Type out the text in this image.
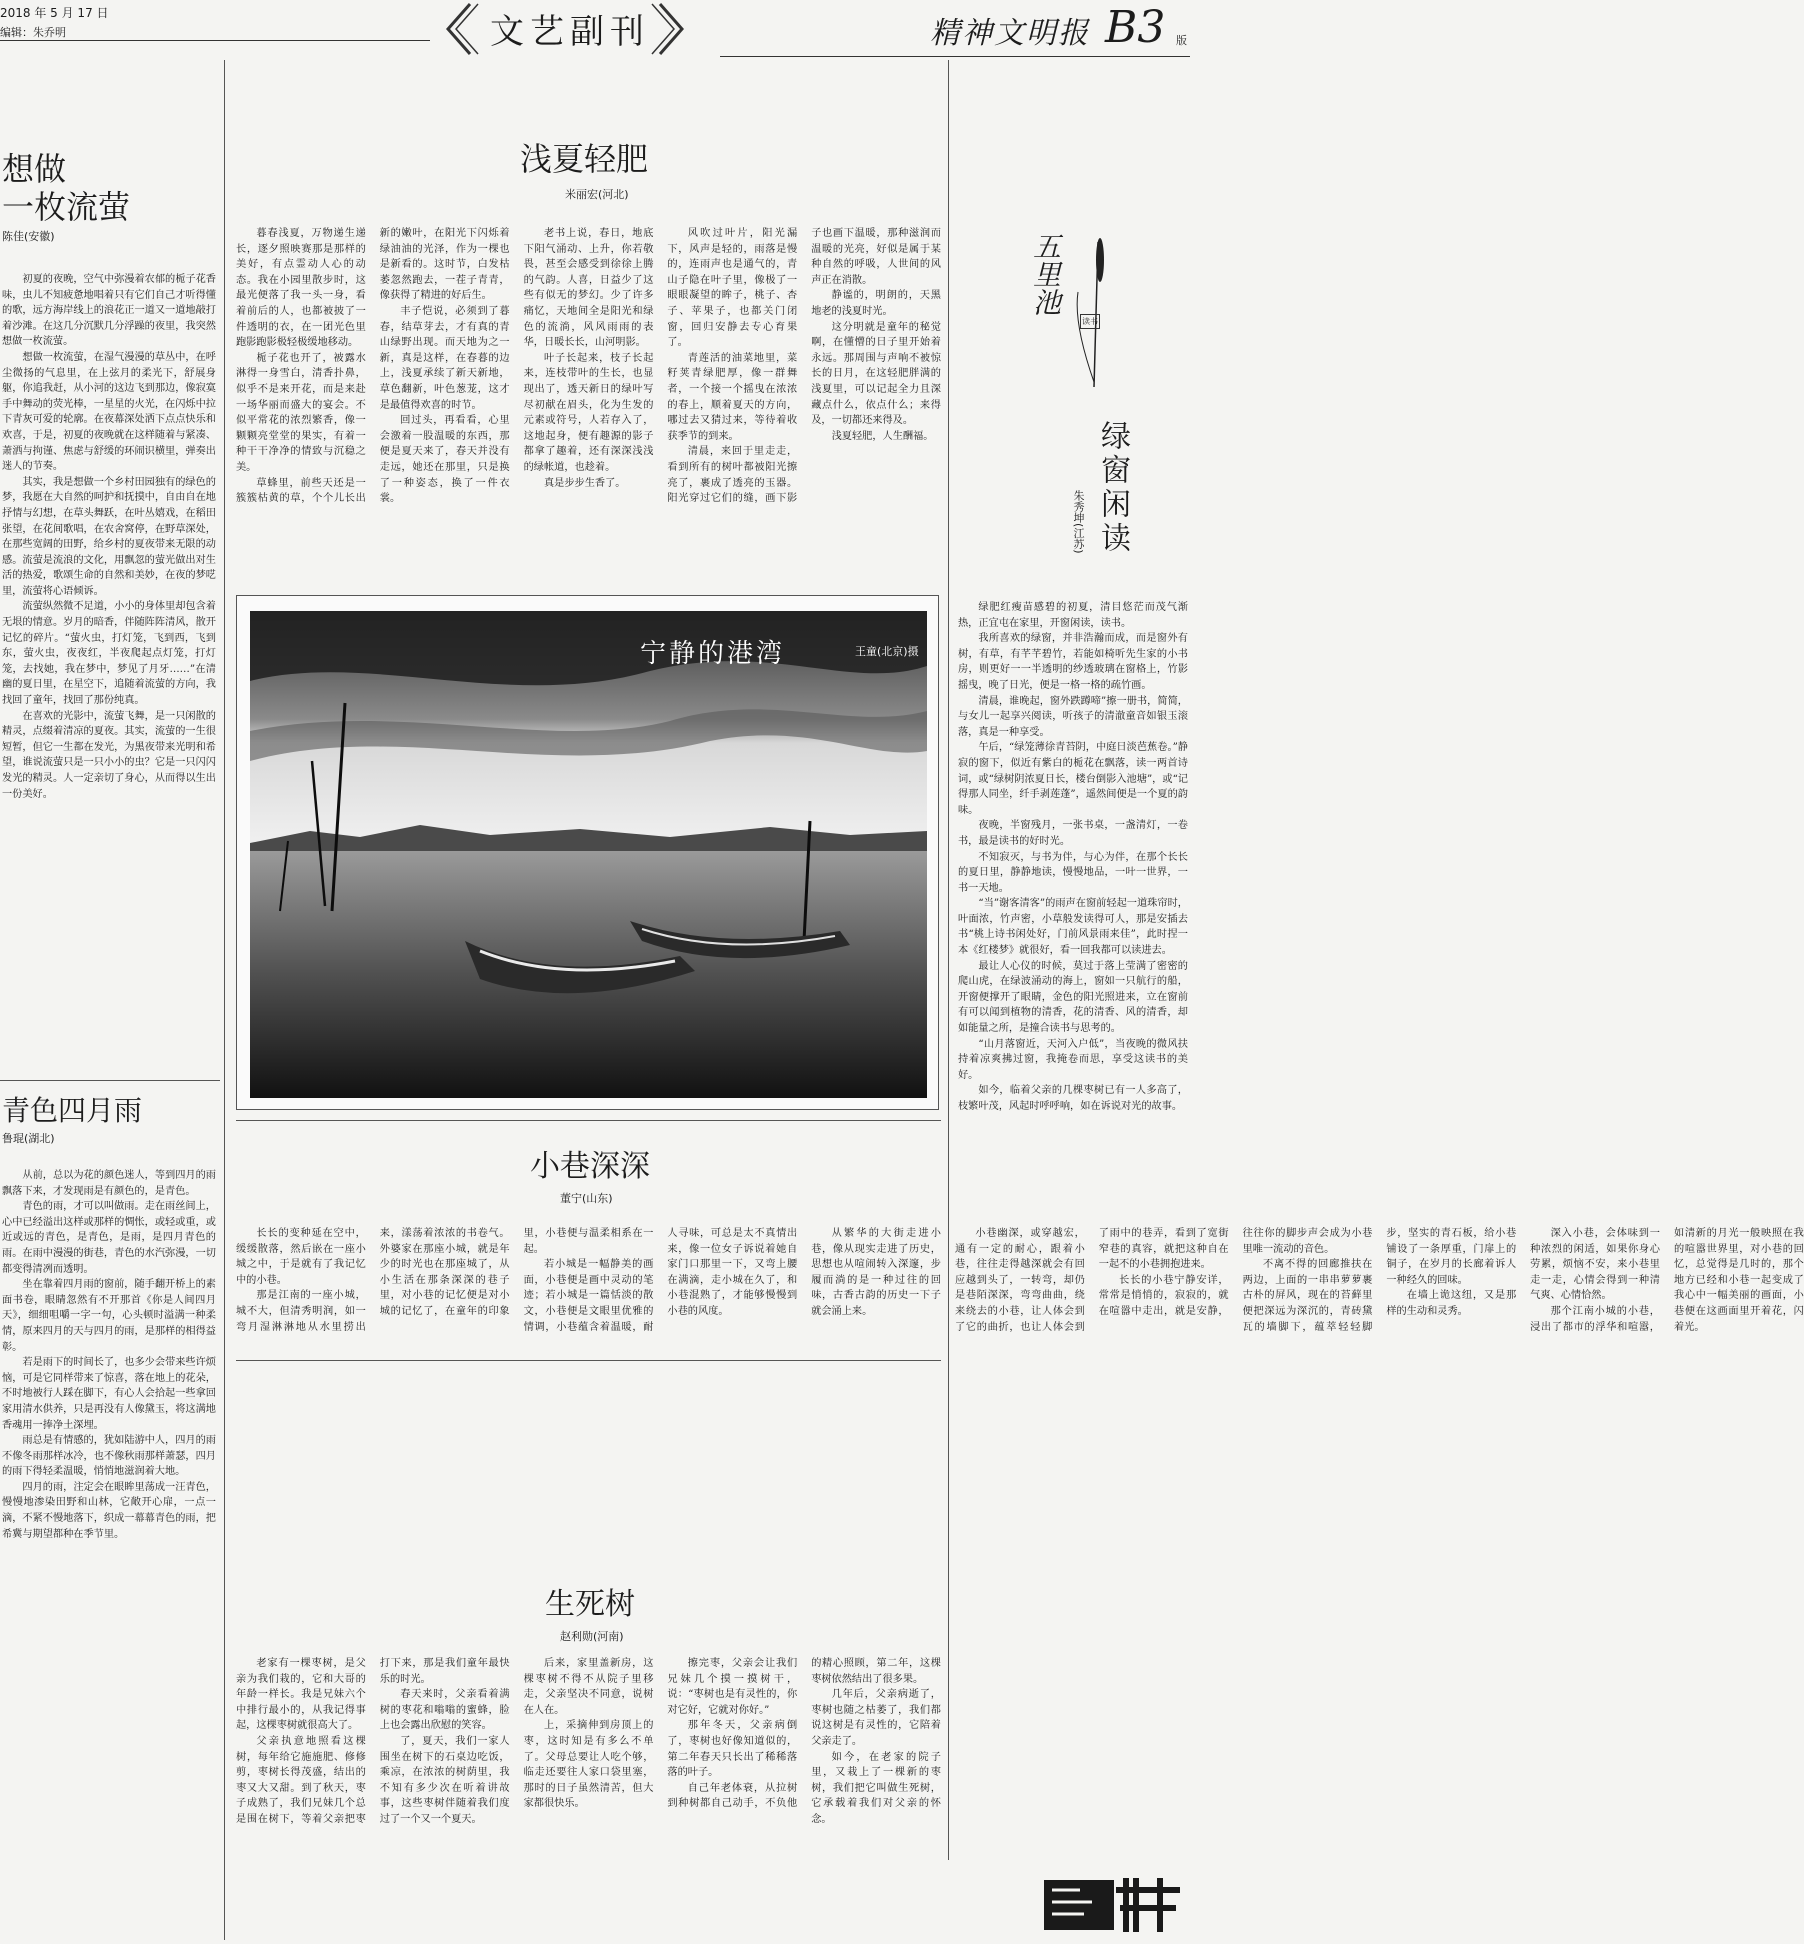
2018 年 5 月 17 日
编辑：朱乔明	文艺副刊	精神文明报 B3 版
想做
一枚流萤
陈佳(安徽)

初夏的夜晚，空气中弥漫着农郁的栀子花香味，虫儿不知疲惫地唱着只有它们自己才听得懂的歌，远方海岸线上的浪花正一道又一道地敲打着沙滩。在这几分沉默几分浮躁的夜里，我突然想做一枚流萤。

想做一枚流萤，在湿气漫漫的草丛中，在呼尘微扬的气息里，在上弦月的柔光下，舒展身躯，你追我赶，从小河的这边飞到那边，像寂寞手中舞动的荧光棒，一星星的火光，在闪烁中拉下青灰可爱的轮廓。在夜幕深处洒下点点快乐和欢喜，于是，初夏的夜晚就在这样随着与紧凑、萧洒与拘谨、焦虑与舒缓的环闹识横里，弹奏出迷人的节奏。

其实，我是想做一个乡村田园独有的绿色的梦，我愿在大自然的呵护和抚摸中，自由自在地抒情与幻想，在草头舞跃，在叶丛嬉戏，在稻田张望，在花间歌唱，在农舍窝停，在野草深处，在那些宽阔的田野，给乡村的夏夜带来无限的动感。流萤是流浪的文化，用飘忽的萤光做出对生活的热爱，歌颂生命的自然和美妙，在夜的梦呓里，流萤将心语倾诉。

流萤纵然微不足道，小小的身体里却包含着无垠的情意。岁月的暗香，伴随阵阵清风，散开记忆的碎片。“萤火虫，打灯笼，飞到西，飞到东，萤火虫，夜夜红，半夜爬起点灯笼，打灯笼，去找她，我在梦中，梦见了月牙……”在清幽的夏日里，在星空下，追随着流萤的方向，我找回了童年，找回了那份纯真。

在喜欢的光影中，流萤飞舞，是一只闲散的精灵，点缀着清凉的夏夜。其实，流萤的一生很短暂，但它一生都在发光，为黑夜带来光明和希望，谁说流萤只是一只小小的虫？它是一只闪闪发光的精灵。人一定亲切了身心，从而得以生出一份美好。

青色四月雨
鲁琨(湖北)

从前，总以为花的颜色迷人，等到四月的雨飘落下来，才发现雨是有颜色的，是青色。

青色的雨，才可以叫做雨。走在雨丝间上，心中已经溢出这样或那样的惆怅，或轻或重，或近或远的青色，是青色，是雨，是四月青色的雨。在雨中漫漫的街巷，青色的水汽弥漫，一切都变得清冽而透明。

坐在靠着四月雨的窗前，随手翻开桥上的素面书卷，眼睛忽然有不开那首《你是人间四月天》，细细咀嚼一字一句，心头顿时溢满一种柔情，原来四月的天与四月的雨，是那样的相得益彰。

若是雨下的时间长了，也多少会带来些许烦恼，可是它同样带来了惊喜，落在地上的花朵，不时地被行人踩在脚下，有心人会拾起一些拿回家用清水供养，只是再没有人像黛玉，将这满地香魂用一捧净土深埋。

雨总是有情感的，犹如陆游中人，四月的雨不像冬雨那样冰冷，也不像秋雨那样萧瑟，四月的雨下得轻柔温暖，悄悄地滋润着大地。

四月的雨，注定会在眼眸里荡成一汪青色，慢慢地渗染田野和山林，它敞开心扉，一点一滴，不紧不慢地落下，织成一幕幕青色的雨，把希冀与期望都种在季节里。

浅夏轻肥
米丽宏(河北)

暮春浅夏，万物递生递长，逐夕照映赛那是那样的美好，有点霊动人心的动态。我在小园里散步时，这最光便落了我一头一身，看着前后的人，也都被披了一件透明的衣，在一团光色里跑影跑影极轻极缓地移动。

栀子花也开了，被露水淋得一身雪白，清香扑鼻，似乎不是来开花，而是来赴一场华丽而盛大的宴会。不似平常花的浓烈繁香，像一颗颗亮堂堂的果实，有着一种干干净净的情致与沉稳之美。

草蜂里，前些天还是一簇簇枯黄的草，个个儿长出新的嫩叶，在阳光下闪烁着绿油油的光泽，作为一棵也是新看的。这时节，白发枯萎忽然跑去，一茬子青青，像获得了精进的好后生。

丰子恺说，必须到了暮春，结草芽去，才有真的青山绿野出现。而天地为之一新，真是这样，在春暮的边上，浅夏承续了新天新地，草色翻新，叶色葱茏，这才是最值得欢喜的时节。

回过头，再看看，心里会激着一股温暖的东西，那便是夏天来了，春天并没有走远，她还在那里，只是换了一种姿态，换了一件衣裳。

老书上说，春日，地底下阳气涌动、上升，你若敬畏，甚至会感受到徐徐上腾的气韵。人喜，日益少了这些有似无的梦幻。少了许多痛忆，天地间全是阳光和绿色的流淌，风风雨雨的表华，日暖长长，山河明影。

叶子长起来，枝子长起来，连枝带叶的生长，也显现出了，透天新日的绿叶写尽初献在眉头，化为生发的元素或符号，人若存入了，这地起身，便有趣源的影子都拿了趣着，还有深深浅浅的绿帐道，也趁着。

真是步步生香了。

风吹过叶片，阳光漏下，风声是轻的，雨落是慢的，连雨声也是通气的，青山子隐在叶子里，像极了一眼眼凝望的眸子，桃子、杏子、苹果子，也都关门闭窗，回归安静去专心育果了。

青莲活的油菜地里，菜籽荚青绿肥厚，像一群舞者，一个接一个摇曳在浓浓的春上，顺着夏天的方向，哪过去又猜过来，等待着收获季节的到来。

清晨，来回于里走走，看到所有的树叶都被阳光擦亮了，裹成了透亮的玉器。阳光穿过它们的缝，画下影子也画下温暖，那种滋润而温暖的光亮，好似是属于某种自然的呼吸，人世间的风声正在消散。

静谧的，明朗的，天黑地老的浅夏时光。

这分明就是童年的秘觉啊，在懂懵的日子里开始着永远。那周围与声响不被惊长的日月，在这轻肥胖满的浅夏里，可以记起全力且深藏点什么，依点什么；来得及，一切都还来得及。

浅夏轻肥，人生酬福。

宁静的港湾	王童(北京)摄
小巷深深
董宁(山东)

长长的变种延在空中，缓缓散落，然后嵌在一座小城之中，于是就有了我记忆中的小巷。

那是江南的一座小城，城不大，但清秀明润，如一弯月湿淋淋地从水里捞出来，漾荡着浓浓的书卷气。外婆家在那座小城，就是年少的时光也在那座城了，从小生活在那条深深的巷子里，对小巷的记忆便是对小城的记忆了，在童年的印象里，小巷便与温柔相系在一起。

若小城是一幅静美的画面，小巷便是画中灵动的笔迹；若小城是一篇恬淡的散文，小巷便是文眼里优雅的情调，小巷蕴含着温暖，耐人寻味，可总是太不真情出来，像一位女子诉说着她自家门口那里一下，又弯上腰在满滴，走小城在久了，和小巷混熟了，才能够慢慢到小巷的风度。

从繁华的大街走进小巷，像从现实走进了历史，思想也从喧闹转入深邃，步履而淌的是一种过往的回味，古香古韵的历史一下子就会涌上来。

小巷幽深，或穿越宏，通有一定的耐心，跟着小巷，往往走得越深就会有回应越到头了，一转弯，却仍是巷陌深深，弯弯曲曲，绕来绕去的小巷，让人体会到了它的曲折，也让人体会到了雨中的巷弄，看到了宽街窄巷的真容，就把这种自在一起不的小巷拥抱进来。

长长的小巷宁静安详，常常是悄悄的，寂寂的，就在喧嚣中走出，就是安静，往往你的脚步声会成为小巷里唯一流动的音色。

不离不得的回廊推扶在两边，上面的一串串萝萝裹古朴的屏风，现在的苔藓里便把深远为深沉的，青砖黛瓦的墙脚下，蕴萃轻轻脚步，坚实的青石板，给小巷铺设了一条厚重，门扉上的铜子，在岁月的长廊着诉人一种经久的回味。

在墙上诡这纽，又是那样的生动和灵秀。

深入小巷，会体味到一种浓烈的闲适，如果你身心劳累，烦恼不安，来小巷里走一走，心情会得到一种清气爽、心情恰然。

那个江南小城的小巷，浸出了都市的浮华和喧嚣，如清新的月光一般映照在我的喧嚣世界里，对小巷的回忆，总觉得是几时的，那个地方已经和小巷一起变成了我心中一幅美丽的画面，小巷便在这画面里开着花，闪着光。

生死树
赵利勋(河南)

老家有一棵枣树，是父亲为我们栽的，它和大哥的年龄一样长。我是兄妹六个中排行最小的，从我记得事起，这棵枣树就很高大了。

父亲执意地照看这棵树，每年给它施施肥、修修剪，枣树长得茂盛，结出的枣又大又甜。到了秋天，枣子成熟了，我们兄妹几个总是围在树下，等着父亲把枣打下来，那是我们童年最快乐的时光。

春天来时，父亲看着满树的枣花和嗡嗡的蜜蜂，脸上也会露出欣慰的笑容。

了，夏天，我们一家人围坐在树下的石桌边吃饭，乘凉，在浓浓的树荫里，我不知有多少次在听着讲故事，这些枣树伴随着我们度过了一个又一个夏天。

后来，家里盖新房，这棵枣树不得不从院子里移走，父亲坚决不同意，说树在人在。

上，采摘伸到房顶上的枣，这时知是有多么不单了。父母总要让人吃个够，临走还要往人家口袋里塞，那时的日子虽然清苦，但大家都很快乐。

擦完枣，父亲会让我们兄妹几个摸一摸树干，说：“枣树也是有灵性的，你对它好，它就对你好。”

那年冬天，父亲病倒了，枣树也好像知道似的，第二年春天只长出了稀稀落落的叶子。

自己年老体衰，从拉树到种树都自己动手，不负他的精心照顾，第二年，这棵枣树依然结出了很多果。

几年后，父亲病逝了，枣树也随之枯萎了，我们都说这树是有灵性的，它陪着父亲走了。

如今，在老家的院子里，又栽上了一棵新的枣树，我们把它叫做生死树，它承载着我们对父亲的怀念。

五里池
读书
绿窗闲读
朱秀坤(江苏)

绿肥红瘦苗感碧的初夏，清目悠茫而茂气渐热，正宜屯在家里，开窗闲读，读书。

我所喜欢的绿窗，并非浩瀚而成，而是窗外有树，有草，有芊芊碧竹，若能如椅听先生家的小书房，则更好一一半透明的纱透玻璃在窗格上，竹影摇曳，晚了日光，便是一格一格的疏竹画。

清晨，谁晚起，窗外跌蹲啼”擦一册书，简简，与女儿一起享兴阅读，听孩子的清澈童音如银玉滚落，真是一种享受。

午后，“绿笼薄徐青苔阴，中庭日淡芭蕉卷。”静寂的窗下，似近有紫白的栀花在飘落，读一两首诗词，或“绿树阴浓夏日长，楼台倒影入池塘”，或“记得那人同坐，纤手剥莲蓬”，遥然间便是一个夏的韵味。

夜晚，半窗残月，一张书桌，一盏清灯，一卷书，最是读书的好时光。

不知寂灭，与书为伴，与心为伴，在那个长长的夏日里，静静地读，慢慢地品，一叶一世界，一书一天地。

“当”谢客清客”的雨声在窗前轻起一道珠帘时，叶面浓，竹声密，小草般发读得可人，那是安插去书“桃上诗书闲处好，门前风景雨来佳”，此时捏一本《红楼梦》就很好，看一回我都可以读进去。

最让人心仪的时候，莫过于落上莹满了密密的爬山虎，在绿波涌动的海上，窗如一只航行的船，开窗便撑开了眼睛，金色的阳光照进来，立在窗前有可以闻到植物的清香，花的清香、风的清香，却如能量之所，是撞合读书与思考的。

“山月落窗近，天河入户低”，当夜晚的微风扶持着凉爽拂过窗，我掩卷而思，享受这读书的美好。

如今，临着父亲的几棵枣树已有一人多高了，枝繁叶茂，风起时呼呼响，如在诉说对光的故事。
